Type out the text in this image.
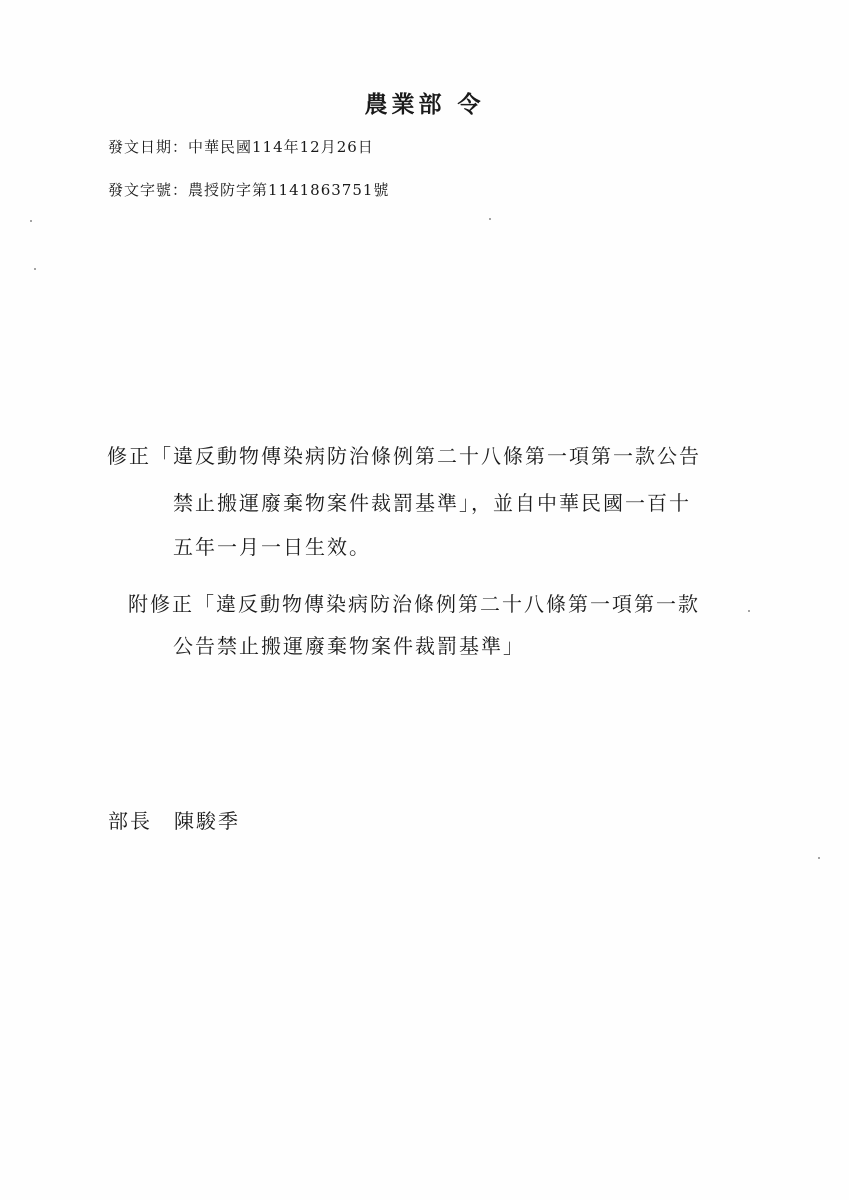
農業部 令
發文日期：中華民國114年12月26日
發文字號：農授防字第1141863751號
修正「違反動物傳染病防治條例第二十八條第一項第一款公告
禁止搬運廢棄物案件裁罰基準」，並自中華民國一百十
五年一月一日生效。
附修正「違反動物傳染病防治條例第二十八條第一項第一款
公告禁止搬運廢棄物案件裁罰基準」
部長 陳駿季
